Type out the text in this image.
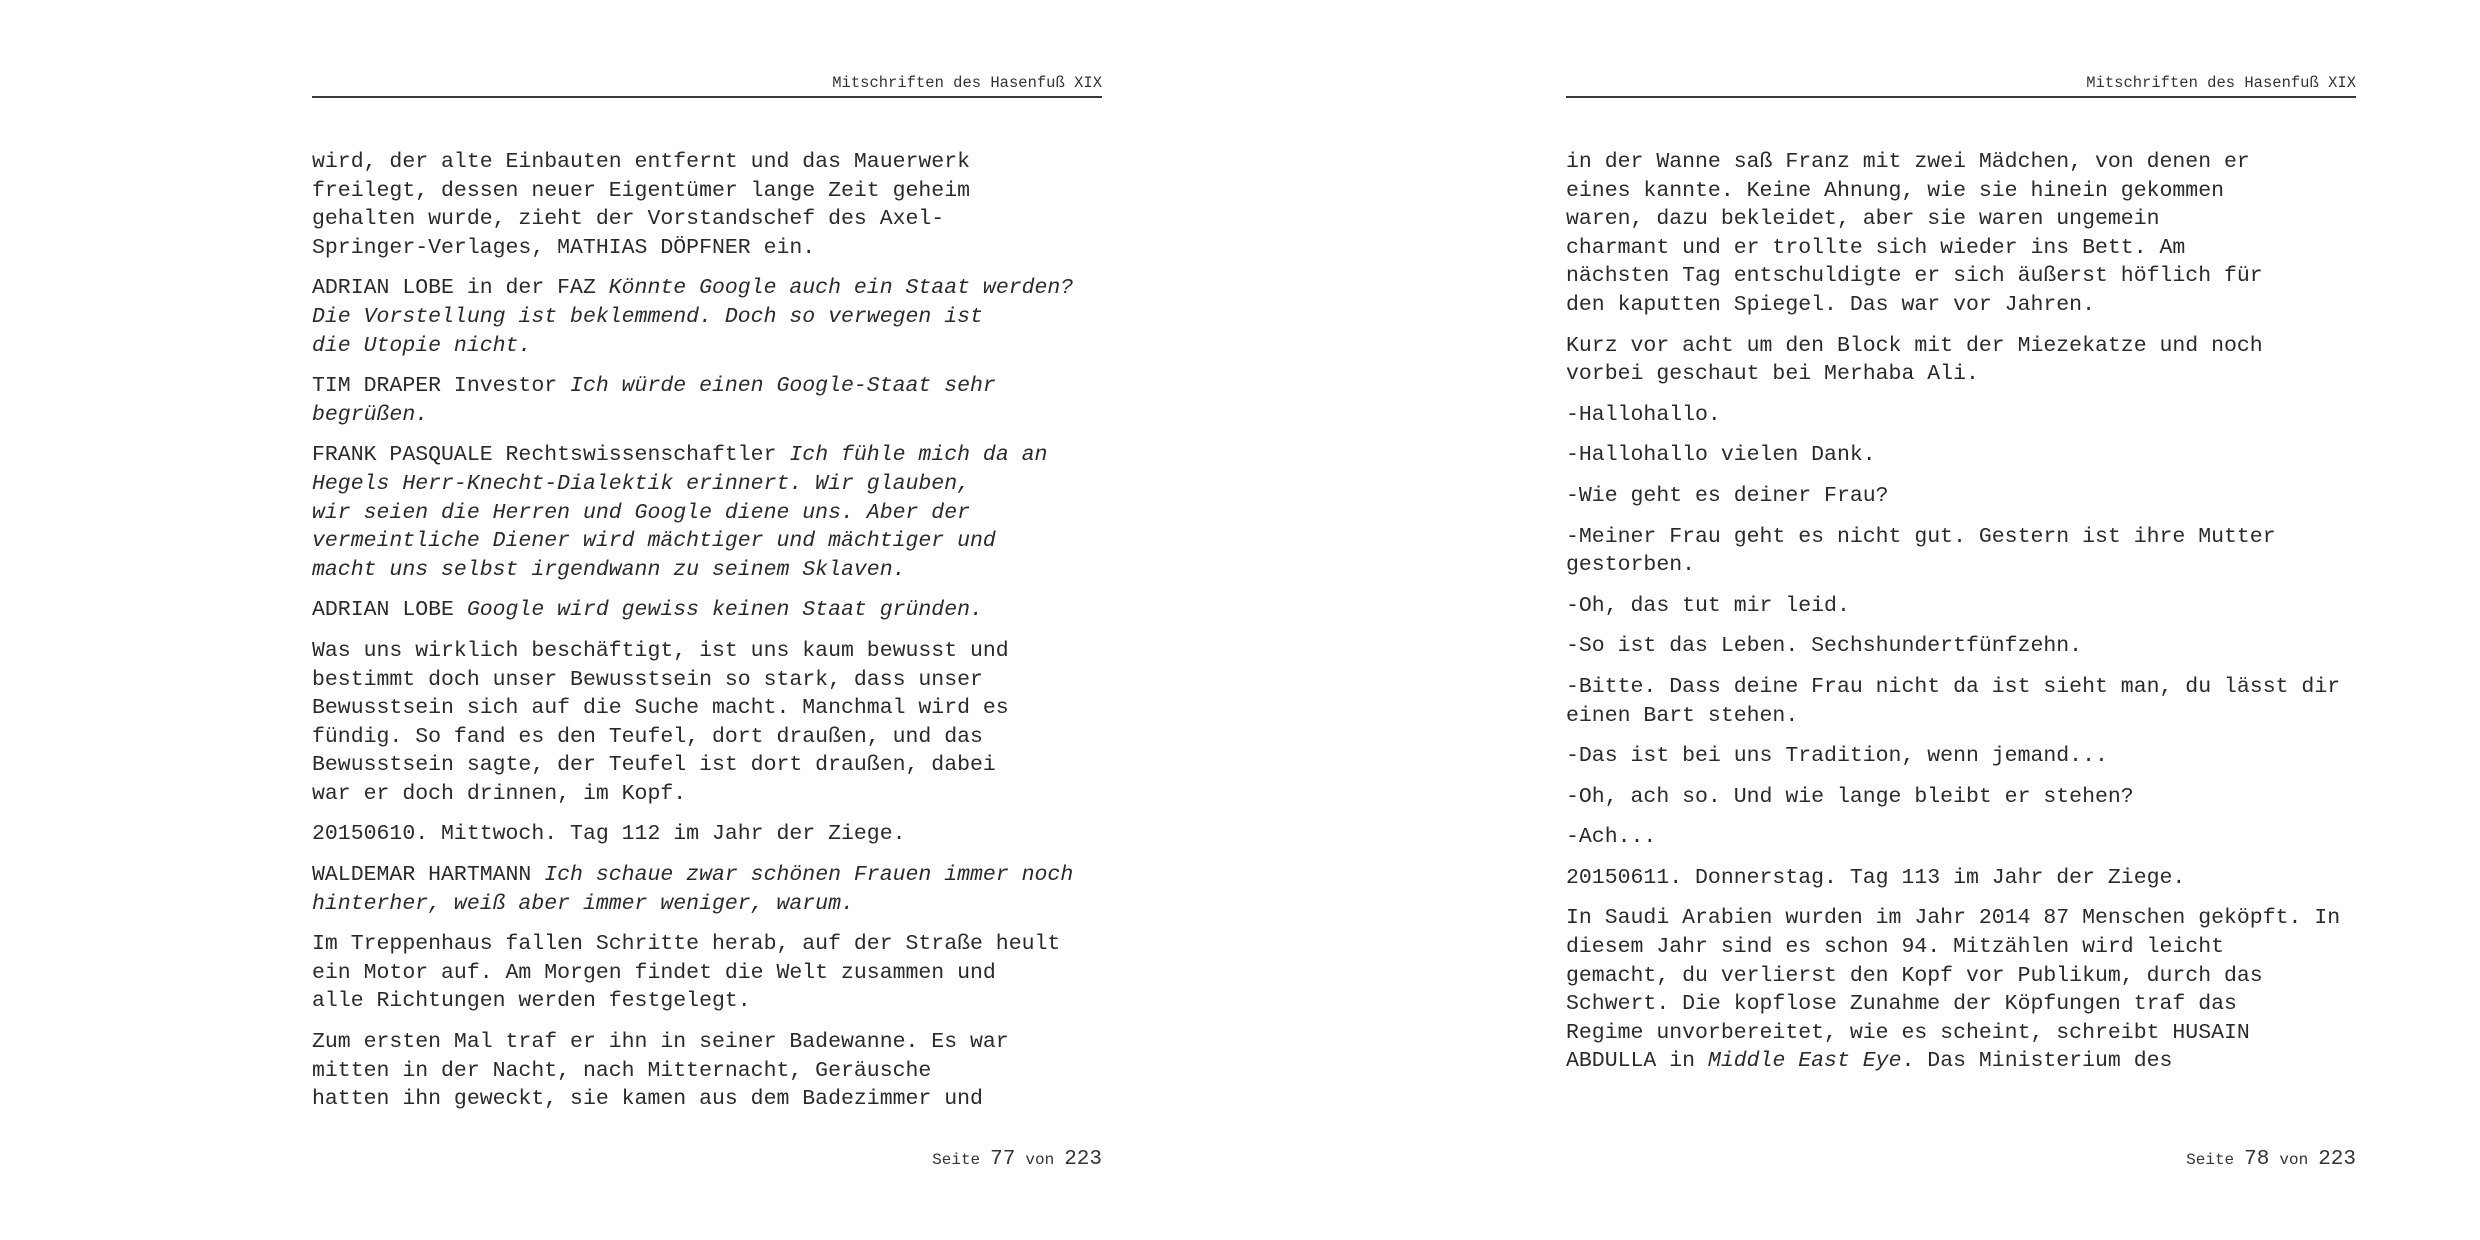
Mitschriften des Hasenfuß XIX

wird, der alte Einbauten entfernt und das Mauerwerk
freilegt, dessen neuer Eigentümer lange Zeit geheim
gehalten wurde, zieht der Vorstandschef des Axel-
Springer-Verlages, MATHIAS DÖPFNER ein.

ADRIAN LOBE in der FAZ Könnte Google auch ein Staat werden?
Die Vorstellung ist beklemmend. Doch so verwegen ist
die Utopie nicht.

TIM DRAPER Investor Ich würde einen Google-Staat sehr
begrüßen.

FRANK PASQUALE Rechtswissenschaftler Ich fühle mich da an
Hegels Herr-Knecht-Dialektik erinnert. Wir glauben,
wir seien die Herren und Google diene uns. Aber der
vermeintliche Diener wird mächtiger und mächtiger und
macht uns selbst irgendwann zu seinem Sklaven.

ADRIAN LOBE Google wird gewiss keinen Staat gründen.

Was uns wirklich beschäftigt, ist uns kaum bewusst und
bestimmt doch unser Bewusstsein so stark, dass unser
Bewusstsein sich auf die Suche macht. Manchmal wird es
fündig. So fand es den Teufel, dort draußen, und das
Bewusstsein sagte, der Teufel ist dort draußen, dabei
war er doch drinnen, im Kopf.

20150610. Mittwoch. Tag 112 im Jahr der Ziege.

WALDEMAR HARTMANN Ich schaue zwar schönen Frauen immer noch
hinterher, weiß aber immer weniger, warum.

Im Treppenhaus fallen Schritte herab, auf der Straße heult
ein Motor auf. Am Morgen findet die Welt zusammen und
alle Richtungen werden festgelegt.

Zum ersten Mal traf er ihn in seiner Badewanne. Es war
mitten in der Nacht, nach Mitternacht, Geräusche
hatten ihn geweckt, sie kamen aus dem Badezimmer und

Seite 77 von 223
Mitschriften des Hasenfuß XIX

in der Wanne saß Franz mit zwei Mädchen, von denen er
eines kannte. Keine Ahnung, wie sie hinein gekommen
waren, dazu bekleidet, aber sie waren ungemein
charmant und er trollte sich wieder ins Bett. Am
nächsten Tag entschuldigte er sich äußerst höflich für
den kaputten Spiegel. Das war vor Jahren.

Kurz vor acht um den Block mit der Miezekatze und noch
vorbei geschaut bei Merhaba Ali.

-Hallohallo.

-Hallohallo vielen Dank.

-Wie geht es deiner Frau?

-Meiner Frau geht es nicht gut. Gestern ist ihre Mutter
gestorben.

-Oh, das tut mir leid.

-So ist das Leben. Sechshundertfünfzehn.

-Bitte. Dass deine Frau nicht da ist sieht man, du lässt dir
einen Bart stehen.

-Das ist bei uns Tradition, wenn jemand...

-Oh, ach so. Und wie lange bleibt er stehen?

-Ach...

20150611. Donnerstag. Tag 113 im Jahr der Ziege.

In Saudi Arabien wurden im Jahr 2014 87 Menschen geköpft. In
diesem Jahr sind es schon 94. Mitzählen wird leicht
gemacht, du verlierst den Kopf vor Publikum, durch das
Schwert. Die kopflose Zunahme der Köpfungen traf das
Regime unvorbereitet, wie es scheint, schreibt HUSAIN
ABDULLA in Middle East Eye. Das Ministerium des

Seite 78 von 223
